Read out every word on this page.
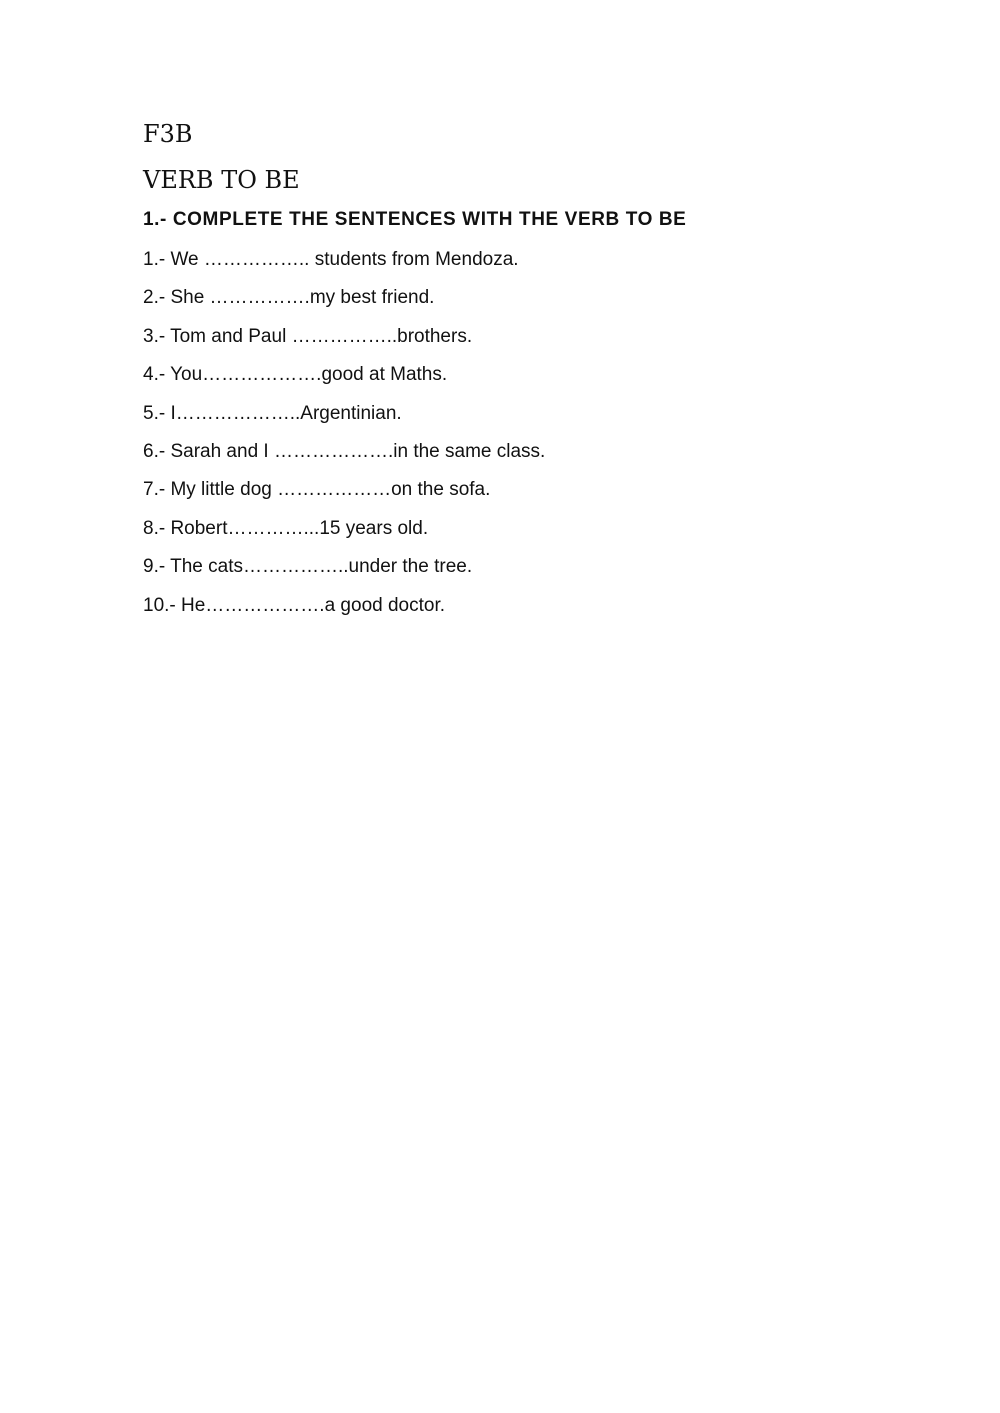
F3B
VERB TO BE
1.- COMPLETE THE SENTENCES WITH THE VERB TO BE
1.- We …………….. students from Mendoza.
2.- She …………….my best friend.
3.- Tom and Paul ……………..brothers.
4.- You……………….good at Maths.
5.- I………………..Argentinian.
6.- Sarah and I ……………….in the same class.
7.- My little dog ………………on the sofa.
8.- Robert…………...15 years old.
9.- The cats……………..under the tree.
10.- He……………….a good doctor.
